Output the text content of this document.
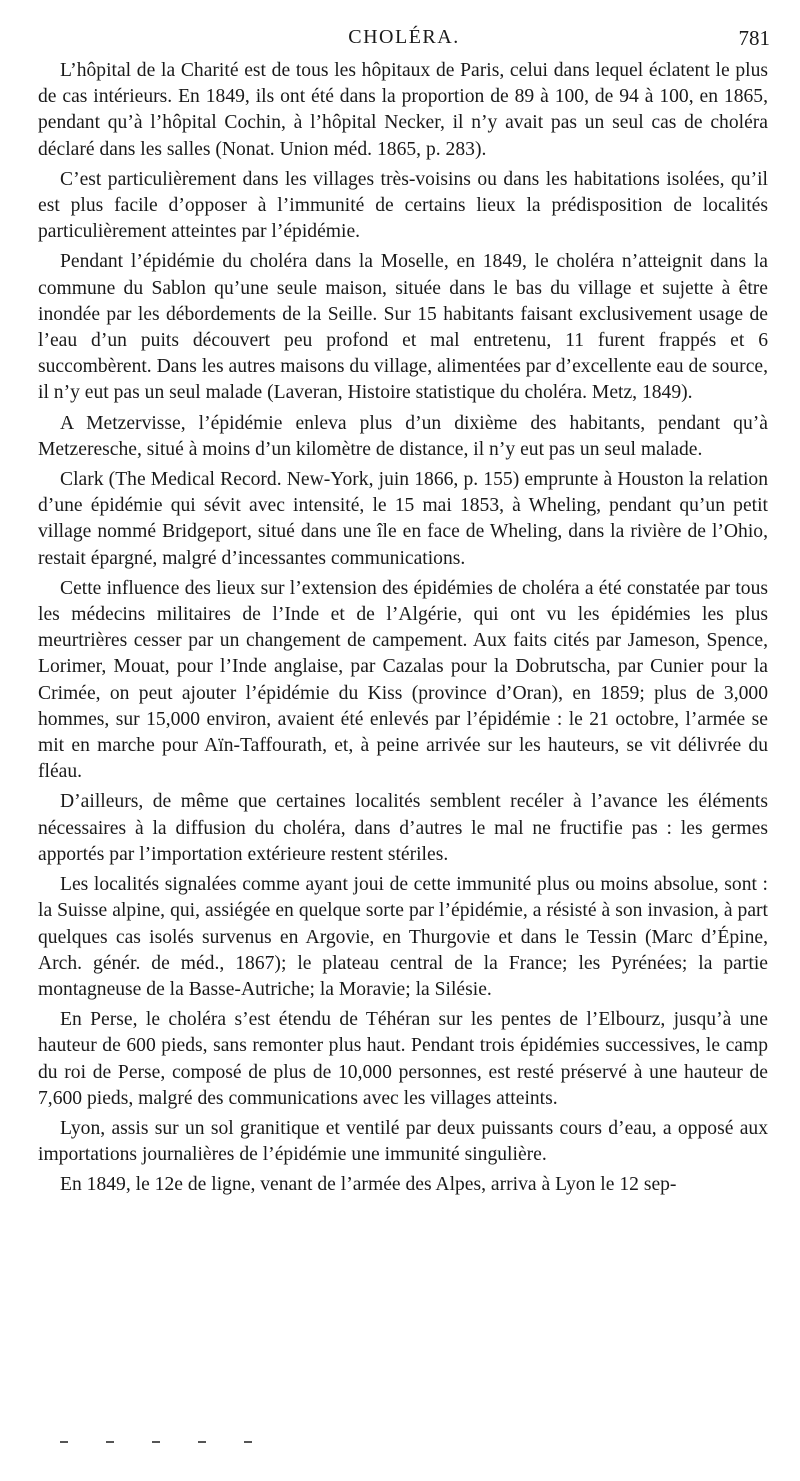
CHOLÉRA.	781

L’hôpital de la Charité est de tous les hôpitaux de Paris, celui dans lequel éclatent le plus de cas intérieurs. En 1849, ils ont été dans la proportion de 89 à 100, de 94 à 100, en 1865, pendant qu’à l’hôpital Cochin, à l’hôpital Necker, il n’y avait pas un seul cas de choléra déclaré dans les salles (Nonat. Union méd. 1865, p. 283).

C’est particulièrement dans les villages très-voisins ou dans les habitations isolées, qu’il est plus facile d’opposer à l’immunité de certains lieux la prédisposition de localités particulièrement atteintes par l’épidémie.

Pendant l’épidémie du choléra dans la Moselle, en 1849, le choléra n’atteignit dans la commune du Sablon qu’une seule maison, située dans le bas du village et sujette à être inondée par les débordements de la Seille. Sur 15 habitants faisant exclusivement usage de l’eau d’un puits découvert peu profond et mal entretenu, 11 furent frappés et 6 succombèrent. Dans les autres maisons du village, alimentées par d’excellente eau de source, il n’y eut pas un seul malade (Laveran, Histoire statistique du choléra. Metz, 1849).

A Metzervisse, l’épidémie enleva plus d’un dixième des habitants, pendant qu’à Metzeresche, situé à moins d’un kilomètre de distance, il n’y eut pas un seul malade.

Clark (The Medical Record. New-York, juin 1866, p. 155) emprunte à Houston la relation d’une épidémie qui sévit avec intensité, le 15 mai 1853, à Wheling, pendant qu’un petit village nommé Bridgeport, situé dans une île en face de Wheling, dans la rivière de l’Ohio, restait épargné, malgré d’incessantes communications.

Cette influence des lieux sur l’extension des épidémies de choléra a été constatée par tous les médecins militaires de l’Inde et de l’Algérie, qui ont vu les épidémies les plus meurtrières cesser par un changement de campement. Aux faits cités par Jameson, Spence, Lorimer, Mouat, pour l’Inde anglaise, par Cazalas pour la Dobrutscha, par Cunier pour la Crimée, on peut ajouter l’épidémie du Kiss (province d’Oran), en 1859; plus de 3,000 hommes, sur 15,000 environ, avaient été enlevés par l’épidémie : le 21 octobre, l’armée se mit en marche pour Aïn-Taffourath, et, à peine arrivée sur les hauteurs, se vit délivrée du fléau.

D’ailleurs, de même que certaines localités semblent recéler à l’avance les éléments nécessaires à la diffusion du choléra, dans d’autres le mal ne fructifie pas : les germes apportés par l’importation extérieure restent stériles.

Les localités signalées comme ayant joui de cette immunité plus ou moins absolue, sont : la Suisse alpine, qui, assiégée en quelque sorte par l’épidémie, a résisté à son invasion, à part quelques cas isolés survenus en Argovie, en Thurgovie et dans le Tessin (Marc d’Épine, Arch. génér. de méd., 1867); le plateau central de la France; les Pyrénées; la partie montagneuse de la Basse-Autriche; la Moravie; la Silésie.

En Perse, le choléra s’est étendu de Téhéran sur les pentes de l’Elbourz, jusqu’à une hauteur de 600 pieds, sans remonter plus haut. Pendant trois épidémies successives, le camp du roi de Perse, composé de plus de 10,000 personnes, est resté préservé à une hauteur de 7,600 pieds, malgré des communications avec les villages atteints.

Lyon, assis sur un sol granitique et ventilé par deux puissants cours d’eau, a opposé aux importations journalières de l’épidémie une immunité singulière.

En 1849, le 12e de ligne, venant de l’armée des Alpes, arriva à Lyon le 12 sep-
